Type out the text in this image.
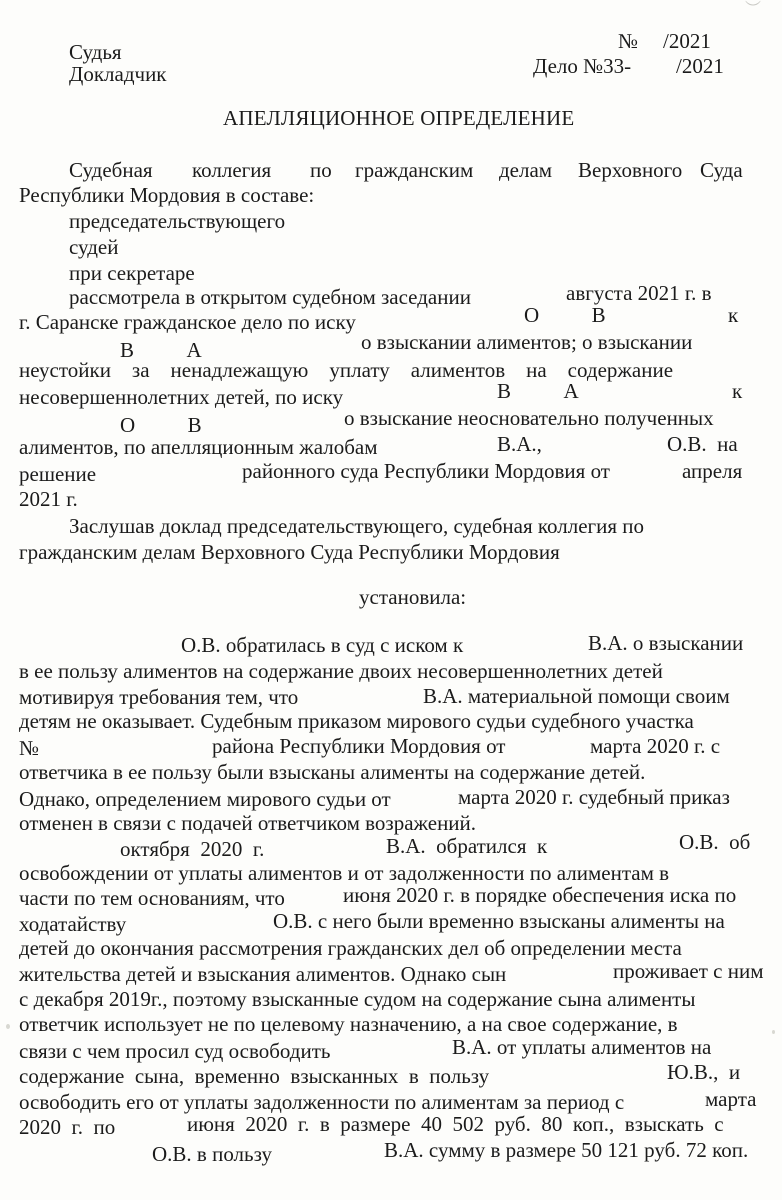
︶
Судья
Докладчик
№ /2021
Дело №33- /2021
АПЕЛЛЯЦИОННОЕ ОПРЕДЕЛЕНИЕ
Судебная коллегия по гражданским делам Верховного Суда
Республики Мордовия в составе:
председательствующего
судей
при секретаре
рассмотрела в открытом судебном заседании	августа 2021 г. в
г. Саранске гражданское дело по иску	О          В	к
В          А	о взыскании алиментов; о взыскании
неустойки    за    ненадлежащую    уплату    алиментов    на    содержание
несовершеннолетних детей, по иску	В          А	к
О          В	о взыскание неосновательно полученных
алиментов, по апелляционным жалобам	В.А.,	О.В.  на
решение	районного суда Республики Мордовия от	апреля
2021 г.
Заслушав доклад председательствующего, судебная коллегия по
гражданским делам Верховного Суда Республики Мордовия
установила:
О.В. обратилась в суд с иском к	В.А. о взыскании
в ее пользу алиментов на содержание двоих несовершеннолетних детей
мотивируя требования тем, что	В.А. материальной помощи своим
детям не оказывает. Судебным приказом мирового судьи судебного участка
№	района Республики Мордовия от	марта 2020 г. с
ответчика в ее пользу были взысканы алименты на содержание детей.
Однако, определением мирового судьи от	марта 2020 г. судебный приказ
отменен в связи с подачей ответчиком возражений.
октября  2020  г.	В.А.  обратился  к	О.В.  об
освобождении от уплаты алиментов и от задолженности по алиментам в
части по тем основаниям, что	июня 2020 г. в порядке обеспечения иска по
ходатайству	О.В. с него были временно взысканы алименты на
детей до окончания рассмотрения гражданских дел об определении места
жительства детей и взыскания алиментов. Однако сын	проживает с ним
с декабря 2019г., поэтому взысканные судом на содержание сына алименты
ответчик использует не по целевому назначению, а на свое содержание, в
связи с чем просил суд освободить	В.А. от уплаты алиментов на
содержание  сына,  временно  взысканных  в  пользу	Ю.В.,  и
освободить его от уплаты задолженности по алиментам за период с	марта
2020  г.  по	июня  2020  г.  в  размере  40  502  руб.  80  коп.,  взыскать  с
О.В. в пользу	В.А. сумму в размере 50 121 руб. 72 коп.
